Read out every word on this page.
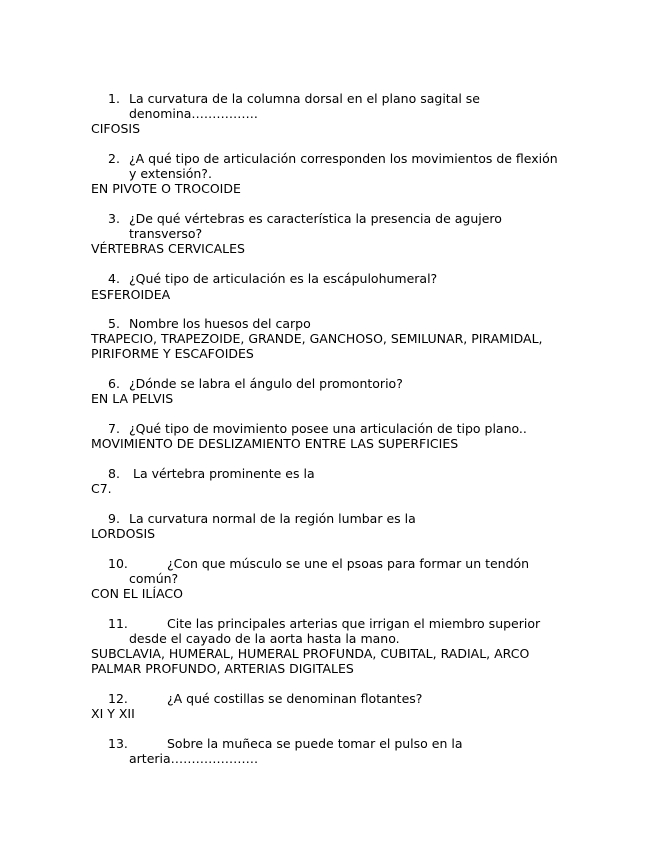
1. La curvatura de la columna dorsal en el plano sagital se denomina…………….
CIFOSIS
2. ¿A qué tipo de articulación corresponden los movimientos de flexión y extensión?.
EN PIVOTE O TROCOIDE
3. ¿De qué vértebras es característica la presencia de agujero transverso?
VÉRTEBRAS CERVICALES
4. ¿Qué tipo de articulación es la escápulohumeral?
ESFEROIDEA
5. Nombre los huesos del carpo
TRAPECIO, TRAPEZOIDE, GRANDE, GANCHOSO, SEMILUNAR, PIRAMIDAL, PIRIFORME Y ESCAFOIDES
6. ¿Dónde se labra el ángulo del promontorio?
EN LA PELVIS
7. ¿Qué tipo de movimiento posee una articulación de tipo plano..
MOVIMIENTO DE DESLIZAMIENTO ENTRE LAS SUPERFICIES
8. La vértebra prominente es la
C7.
9. La curvatura normal de la región lumbar es la
LORDOSIS
10.	¿Con que músculo se une el psoas para formar un tendón común?
CON EL ILÍACO
11.	Cite las principales arterias que irrigan el miembro superior desde el cayado de la aorta hasta la mano.
SUBCLAVIA, HUMERAL, HUMERAL PROFUNDA, CUBITAL, RADIAL, ARCO PALMAR PROFUNDO, ARTERIAS DIGITALES
12.	¿A qué costillas se denominan flotantes?
XI Y XII
13.	Sobre la muñeca se puede tomar el pulso en la arteria…………………
